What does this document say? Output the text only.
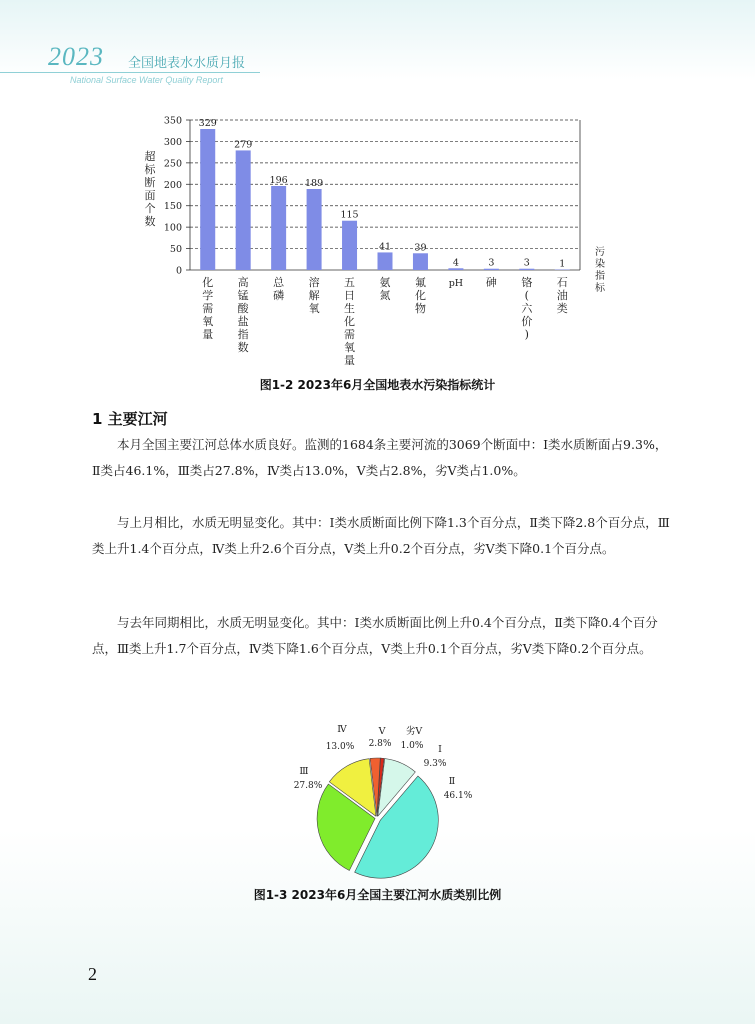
2023 全国地表水水质月报
National Surface Water Quality Report
0
50
100
150
200
250
300
350
超
标
断
面
个
数
污
染
指
标
329
化
学
需
氧
量
279
高
锰
酸
盐
指
数
196
总
磷
189
溶
解
氧
115
五
日
生
化
需
氧
量
41
氨
氮
39
氟
化
物
4
pH
3
砷
3
铬
(
六
价
)
1
石
油
类
图1-2 2023年6月全国地表水污染指标统计
1 主要江河

本月全国主要江河总体水质良好。监测的1684条主要河流的3069个断面中：Ⅰ类水质断面占9.3%，Ⅱ类占46.1%，Ⅲ类占27.8%，Ⅳ类占13.0%，Ⅴ类占2.8%，劣Ⅴ类占1.0%。

与上月相比，水质无明显变化。其中：Ⅰ类水质断面比例下降1.3个百分点，Ⅱ类下降2.8个百分点，Ⅲ类上升1.4个百分点，Ⅳ类上升2.6个百分点，Ⅴ类上升0.2个百分点，劣Ⅴ类下降0.1个百分点。

与去年同期相比，水质无明显变化。其中：Ⅰ类水质断面比例上升0.4个百分点，Ⅱ类下降0.4个百分点，Ⅲ类上升1.7个百分点，Ⅳ类下降1.6个百分点，Ⅴ类上升0.1个百分点，劣Ⅴ类下降0.2个百分点。

Ⅰ
9.3%
Ⅱ
46.1%
Ⅲ
27.8%
Ⅳ
13.0%
Ⅴ
2.8%
劣Ⅴ
1.0%
图1-3 2023年6月全国主要江河水质类别比例
2
